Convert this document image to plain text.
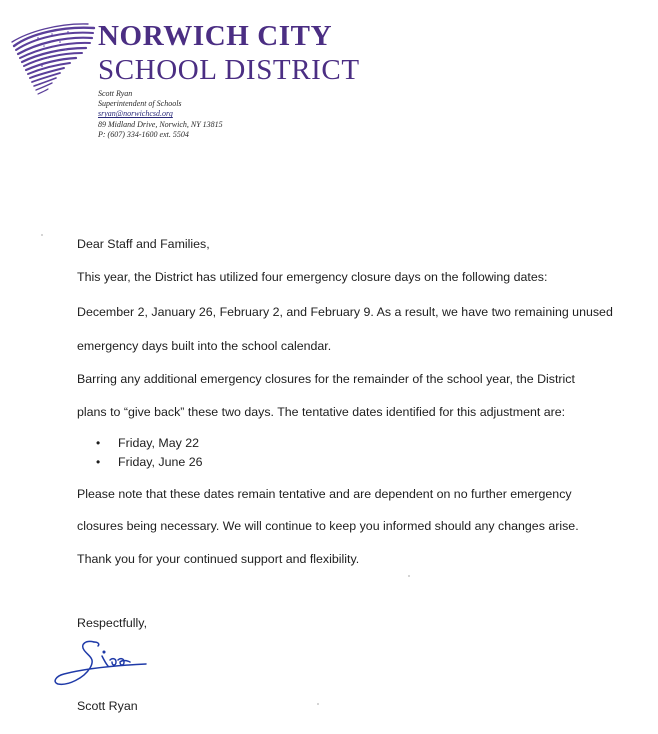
NORWICH CITY
SCHOOL DISTRICT
Scott Ryan
Superintendent of Schools
sryan@norwichcsd.org
89 Midland Drive, Norwich, NY 13815
P: (607) 334-1600 ext. 5504
Dear Staff and Families,
This year, the District has utilized four emergency closure days on the following dates:
December 2, January 26, February 2, and February 9. As a result, we have two remaining unused
emergency days built into the school calendar.
Barring any additional emergency closures for the remainder of the school year, the District
plans to “give back” these two days. The tentative dates identified for this adjustment are:
• Friday, May 22
• Friday, June 26
Please note that these dates remain tentative and are dependent on no further emergency
closures being necessary. We will continue to keep you informed should any changes arise.
Thank you for your continued support and flexibility.
Respectfully,
Scott Ryan
